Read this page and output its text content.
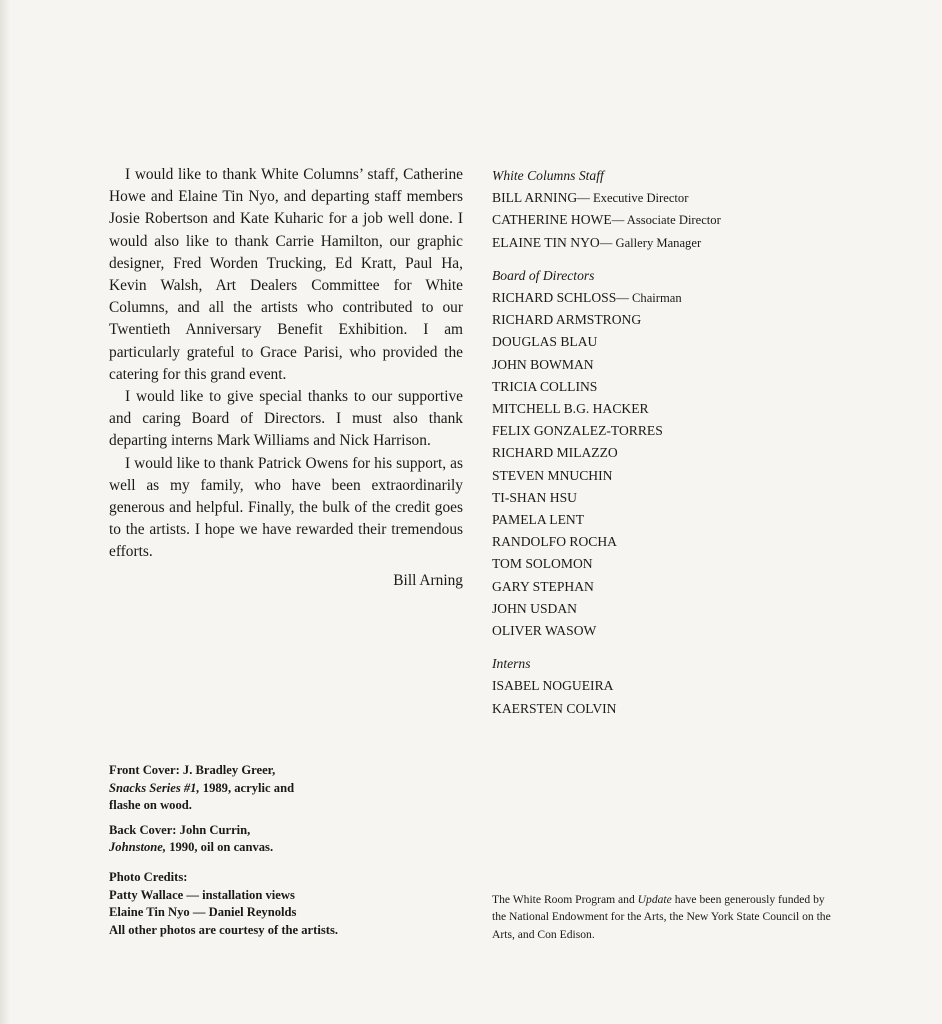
I would like to thank White Columns’ staff, Catherine Howe and Elaine Tin Nyo, and departing staff members Josie Robertson and Kate Kuharic for a job well done. I would also like to thank Carrie Hamilton, our graphic designer, Fred Worden Trucking, Ed Kratt, Paul Ha, Kevin Walsh, Art Dealers Committee for White Columns, and all the artists who contributed to our Twentieth Anniversary Benefit Exhibition. I am particularly grateful to Grace Parisi, who provided the catering for this grand event.

I would like to give special thanks to our supportive and caring Board of Directors. I must also thank departing interns Mark Williams and Nick Harrison.

I would like to thank Patrick Owens for his support, as well as my family, who have been extraordinarily generous and helpful. Finally, the bulk of the credit goes to the artists. I hope we have rewarded their tremendous efforts.

Bill Arning
White Columns Staff
BILL ARNING— Executive Director
CATHERINE HOWE— Associate Director
ELAINE TIN NYO— Gallery Manager
Board of Directors
RICHARD SCHLOSS— Chairman
RICHARD ARMSTRONG
DOUGLAS BLAU
JOHN BOWMAN
TRICIA COLLINS
MITCHELL B.G. HACKER
FELIX GONZALEZ-TORRES
RICHARD MILAZZO
STEVEN MNUCHIN
TI-SHAN HSU
PAMELA LENT
RANDOLFO ROCHA
TOM SOLOMON
GARY STEPHAN
JOHN USDAN
OLIVER WASOW
Interns
ISABEL NOGUEIRA
KAERSTEN COLVIN
Front Cover: J. Bradley Greer,
Snacks Series #1, 1989, acrylic and
flashe on wood.
Back Cover: John Currin,
Johnstone, 1990, oil on canvas.
Photo Credits:
Patty Wallace — installation views
Elaine Tin Nyo — Daniel Reynolds
All other photos are courtesy of the artists.
The White Room Program and Update have been generously funded by the National Endowment for the Arts, the New York State Council on the Arts, and Con Edison.
